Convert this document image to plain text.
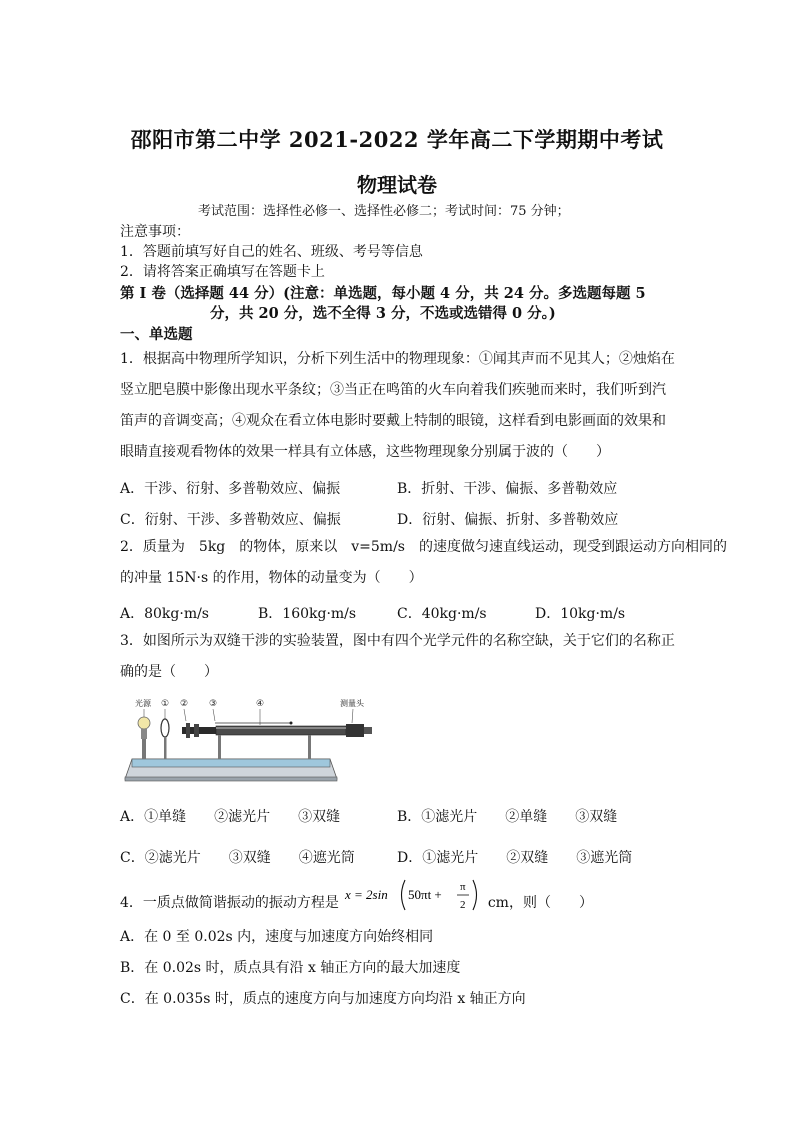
邵阳市第二中学 2021-2022 学年高二下学期期中考试
物理试卷
考试范围：选择性必修一、选择性必修二；考试时间：75 分钟；
注意事项：
1．答题前填写好自己的姓名、班级、考号等信息
2．请将答案正确填写在答题卡上
第 I 卷（选择题 44 分）(注意：单选题，每小题 4 分，共 24 分。多选题每题 5
分，共 20 分，选不全得 3 分，不选或选错得 0 分。)
一、单选题
1．根据高中物理所学知识，分析下列生活中的物理现象：①闻其声而不见其人；②烛焰在
竖立肥皂膜中影像出现水平条纹；③当正在鸣笛的火车向着我们疾驰而来时，我们听到汽
笛声的音调变高；④观众在看立体电影时要戴上特制的眼镜，这样看到电影画面的效果和
眼睛直接观看物体的效果一样具有立体感，这些物理现象分别属于波的（　　）
A．干涉、衍射、多普勒效应、偏振	B．折射、干涉、偏振、多普勒效应
C．衍射、干涉、多普勒效应、偏振	D．衍射、偏振、折射、多普勒效应
2．质量为　5kg　的物体，原来以　v=5m/s　的速度做匀速直线运动，现受到跟运动方向相同的
的冲量 15N·s 的作用，物体的动量变为（　　）
A．80kg·m/s	B．160kg·m/s	C．40kg·m/s	D．10kg·m/s
3．如图所示为双缝干涉的实验装置，图中有四个光学元件的名称空缺，关于它们的名称正
确的是（　　）
光源 ① ② ③	④	测量头
A．①单缝　　②滤光片　　③双缝	B．①滤光片　　②单缝　　③双缝
C．②滤光片　　③双缝　　④遮光筒	D．①滤光片　　②双缝　　③遮光筒
4．一质点做简谐振动的振动方程是
x = 2sin 50πt + π
2 cm，则（　　）
A．在 0 至 0.02s 内，速度与加速度方向始终相同
B．在 0.02s 时，质点具有沿 x 轴正方向的最大加速度
C．在 0.035s 时，质点的速度方向与加速度方向均沿 x 轴正方向
